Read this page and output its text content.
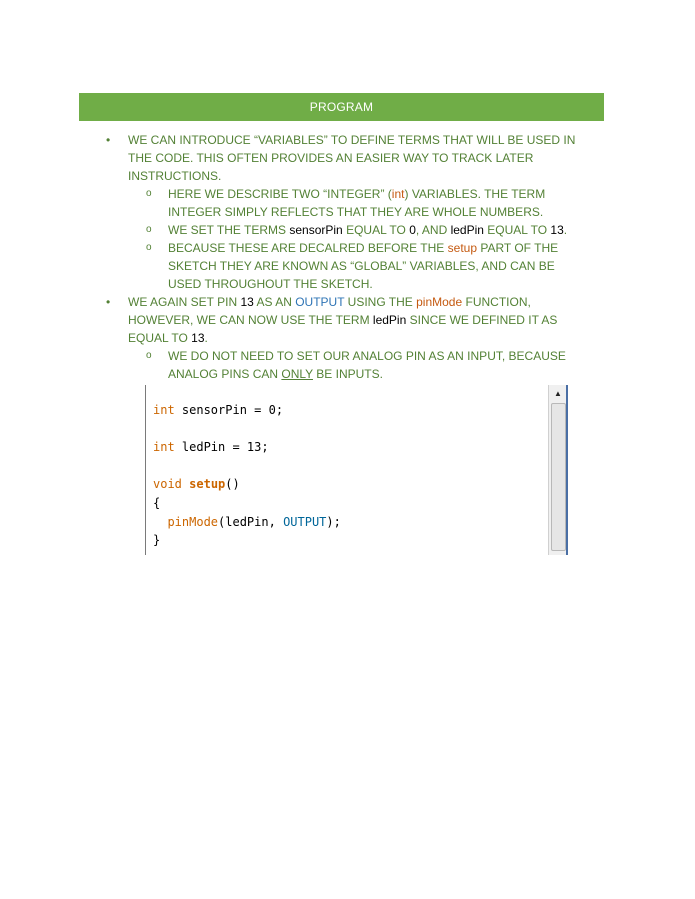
PROGRAM
• WE CAN INTRODUCE “VARIABLES” TO DEFINE TERMS THAT WILL BE USED IN THE CODE. THIS OFTEN PROVIDES AN EASIER WAY TO TRACK LATER INSTRUCTIONS.
o HERE WE DESCRIBE TWO “INTEGER” (int) VARIABLES. THE TERM INTEGER SIMPLY REFLECTS THAT THEY ARE WHOLE NUMBERS.
o WE SET THE TERMS sensorPin EQUAL TO 0, AND ledPin EQUAL TO 13.
o BECAUSE THESE ARE DECALRED BEFORE THE setup PART OF THE SKETCH THEY ARE KNOWN AS “GLOBAL” VARIABLES, AND CAN BE USED THROUGHOUT THE SKETCH.
• WE AGAIN SET PIN 13 AS AN OUTPUT USING THE pinMode FUNCTION, HOWEVER, WE CAN NOW USE THE TERM ledPin SINCE WE DEFINED IT AS EQUAL TO 13.
o WE DO NOT NEED TO SET OUR ANALOG PIN AS AN INPUT, BECAUSE ANALOG PINS CAN ONLY BE INPUTS.
int sensorPin = 0;

int ledPin = 13;

void setup()
{
pinMode(ledPin, OUTPUT);
}
▲
